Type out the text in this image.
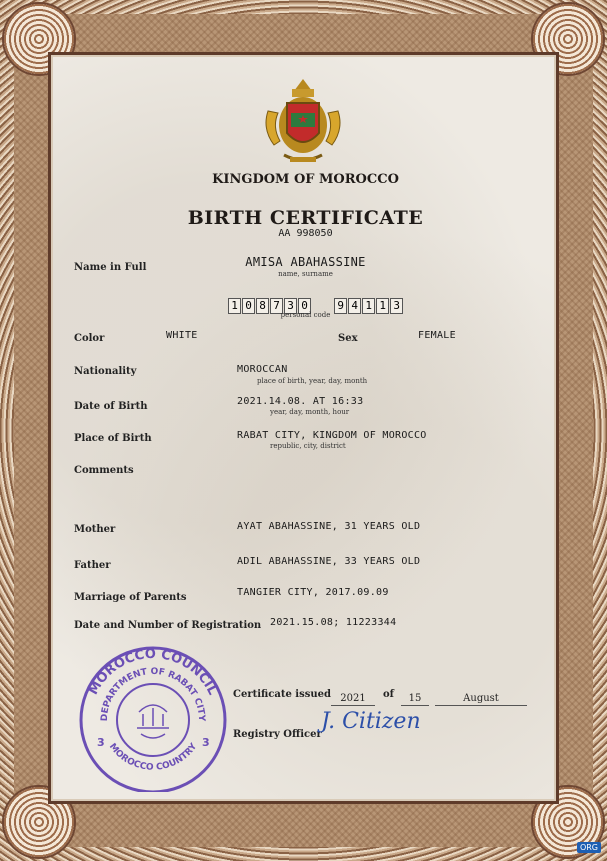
KINGDOM OF MOROCCO
BIRTH CERTIFICATE
AA 998050
Name in Full	AMISA ABAHASSINE
name, surname
1 0 8 7 3 0	9 4 1 1 3
personal code
Color	WHITE	Sex	FEMALE
Nationality	MOROCCAN
place of birth, year, day, month
Date of Birth	2021.14.08. AT 16:33
year, day, month, hour
Place of Birth	RABAT CITY, KINGDOM OF MOROCCO
republic, city, district
Comments
Mother	AYAT ABAHASSINE, 31 YEARS OLD
Father	ADIL ABAHASSINE, 33 YEARS OLD
Marriage of Parents	TANGIER CITY, 2017.09.09
Date and Number of Registration 2021.15.08; 11223344
MOROCCO COUNCIL
DEPARTMENT OF RABAT CITY
MOROCCO COUNTRY
3	3
Certificate issued 2021	of	15	August
Registry Officer
J. Citizen
ORG
